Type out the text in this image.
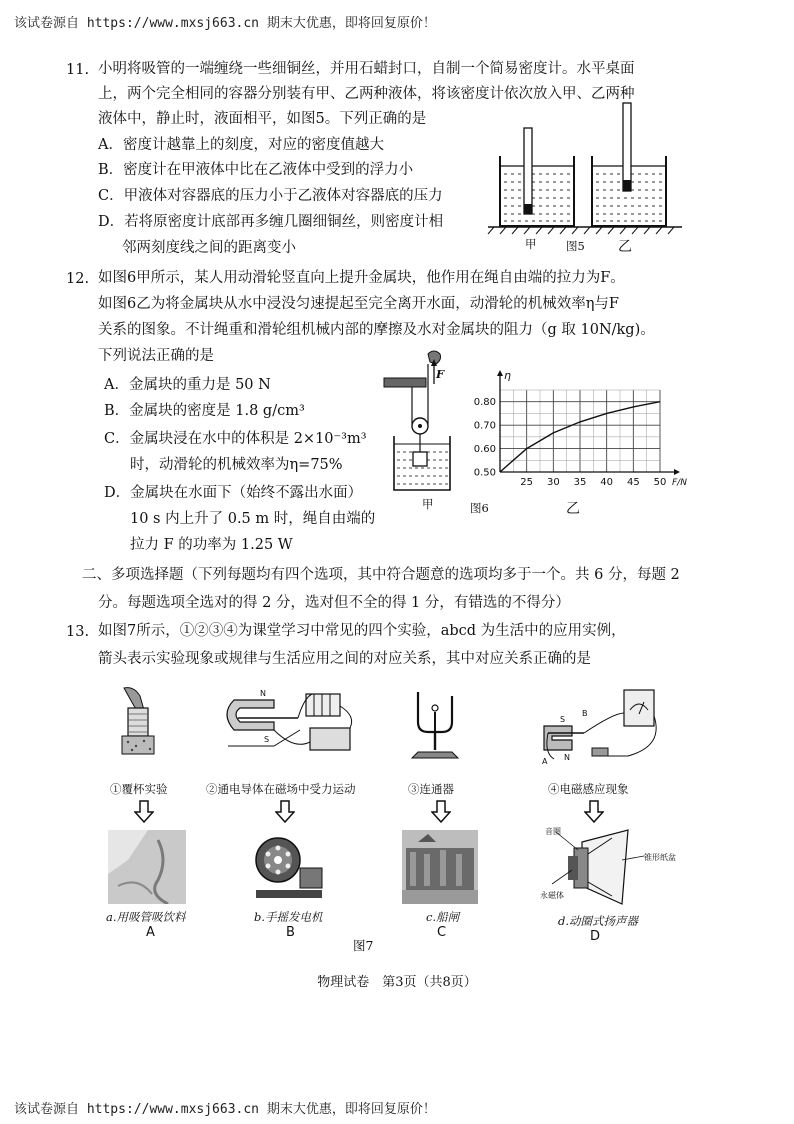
该试卷源自 https://www.mxsj663.cn 期末大优惠，即将回复原价！
该试卷源自 https://www.mxsj663.cn 期末大优惠，即将回复原价！
11. 小明将吸管的一端缠绕一些细铜丝，并用石蜡封口，自制一个简易密度计。水平桌面
上，两个完全相同的容器分别装有甲、乙两种液体，将该密度计依次放入甲、乙两种
液体中，静止时，液面相平，如图5。下列正确的是
A．密度计越靠上的刻度，对应的密度值越大
B．密度计在甲液体中比在乙液体中受到的浮力小
C．甲液体对容器底的压力小于乙液体对容器底的压力
D．若将原密度计底部再多缠几圈细铜丝，则密度计相
邻两刻度线之间的距离变小	甲	图5 乙
12. 如图6甲所示，某人用动滑轮竖直向上提升金属块，他作用在绳自由端的拉力为F。
如图6乙为将金属块从水中浸没匀速提起至完全离开水面，动滑轮的机械效率η与F
关系的图象。不计绳重和滑轮组机械内部的摩擦及水对金属块的阻力（g 取 10N/kg)。
下列说法正确的是
A．金属块的重力是 50 N
B．金属块的密度是 1.8 g/cm³
C．金属块浸在水中的体积是 2×10⁻³m³
时，动滑轮的机械效率为η=75%
D．金属块在水面下（始终不露出水面）
10 s 内上升了 0.5 m 时，绳自由端的
拉力 F 的功率为 1.25 W
F
甲	图6	乙
25 30 35 40 45 50
0.50
0.60
0.70
0.80
F/N
η
二、多项选择题（下列每题均有四个选项，其中符合题意的选项均多于一个。共 6 分，每题 2
分。每题选项全选对的得 2 分，选对但不全的得 1 分，有错选的不得分）
13. 如图7所示，①②③④为课堂学习中常见的四个实验，abcd 为生活中的应用实例，
箭头表示实验现象或规律与生活应用之间的对应关系，其中对应关系正确的是
N
S
S
N
B
A
①覆杯实验	②通电导体在磁场中受力运动	③连通器	④电磁感应现象
音圈
锥形纸盆
永磁体
a.用吸管吸饮料	b.手摇发电机	c.船闸	d.动圈式扬声器
A	B	C	D
图7
物理试卷　第3页（共8页）
